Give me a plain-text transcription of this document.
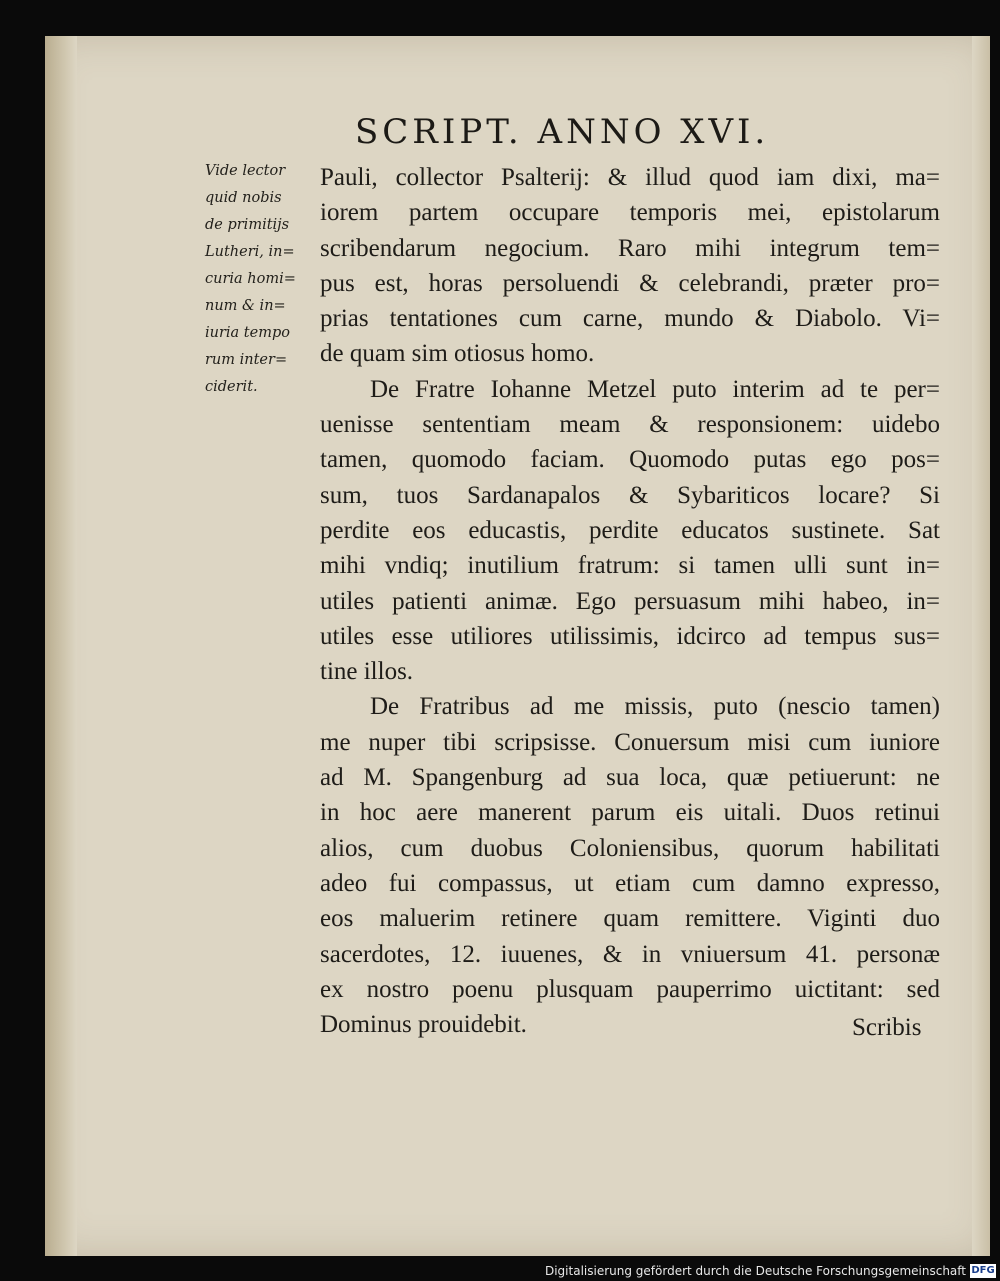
SCRIPT. ANNO XVI.
Vide lector
quid nobis
de primitijs
Lutheri, in=
curia homi=
num & in=
iuria tempo
rum inter=
ciderit.
Pauli, collector Psalterij: & illud quod iam dixi, ma=
iorem partem occupare temporis mei, epistolarum
scribendarum negocium. Raro mihi integrum tem=
pus est, horas persoluendi & celebrandi, præter pro=
prias tentationes cum carne, mundo & Diabolo. Vi=
de quam sim otiosus homo.
De Fratre Iohanne Metzel puto interim ad te per=
uenisse sententiam meam & responsionem: uidebo
tamen, quomodo faciam. Quomodo putas ego pos=
sum, tuos Sardanapalos & Sybariticos locare? Si
perdite eos educastis, perdite educatos sustinete. Sat
mihi vndiq; inutilium fratrum: si tamen ulli sunt in=
utiles patienti animæ. Ego persuasum mihi habeo, in=
utiles esse utiliores utilissimis, idcirco ad tempus sus=
tine illos.
De Fratribus ad me missis, puto (nescio tamen)
me nuper tibi scripsisse. Conuersum misi cum iuniore
ad M. Spangenburg ad sua loca, quæ petiuerunt: ne
in hoc aere manerent parum eis uitali. Duos retinui
alios, cum duobus Coloniensibus, quorum habilitati
adeo fui compassus, ut etiam cum damno expresso,
eos maluerim retinere quam remittere. Viginti duo
sacerdotes, 12. iuuenes, & in vniuersum 41. personæ
ex nostro poenu plusquam pauperrimo uictitant: sed
Dominus prouidebit.	Scribis
Digitalisierung gefördert durch die Deutsche Forschungsgemeinschaft DFG
